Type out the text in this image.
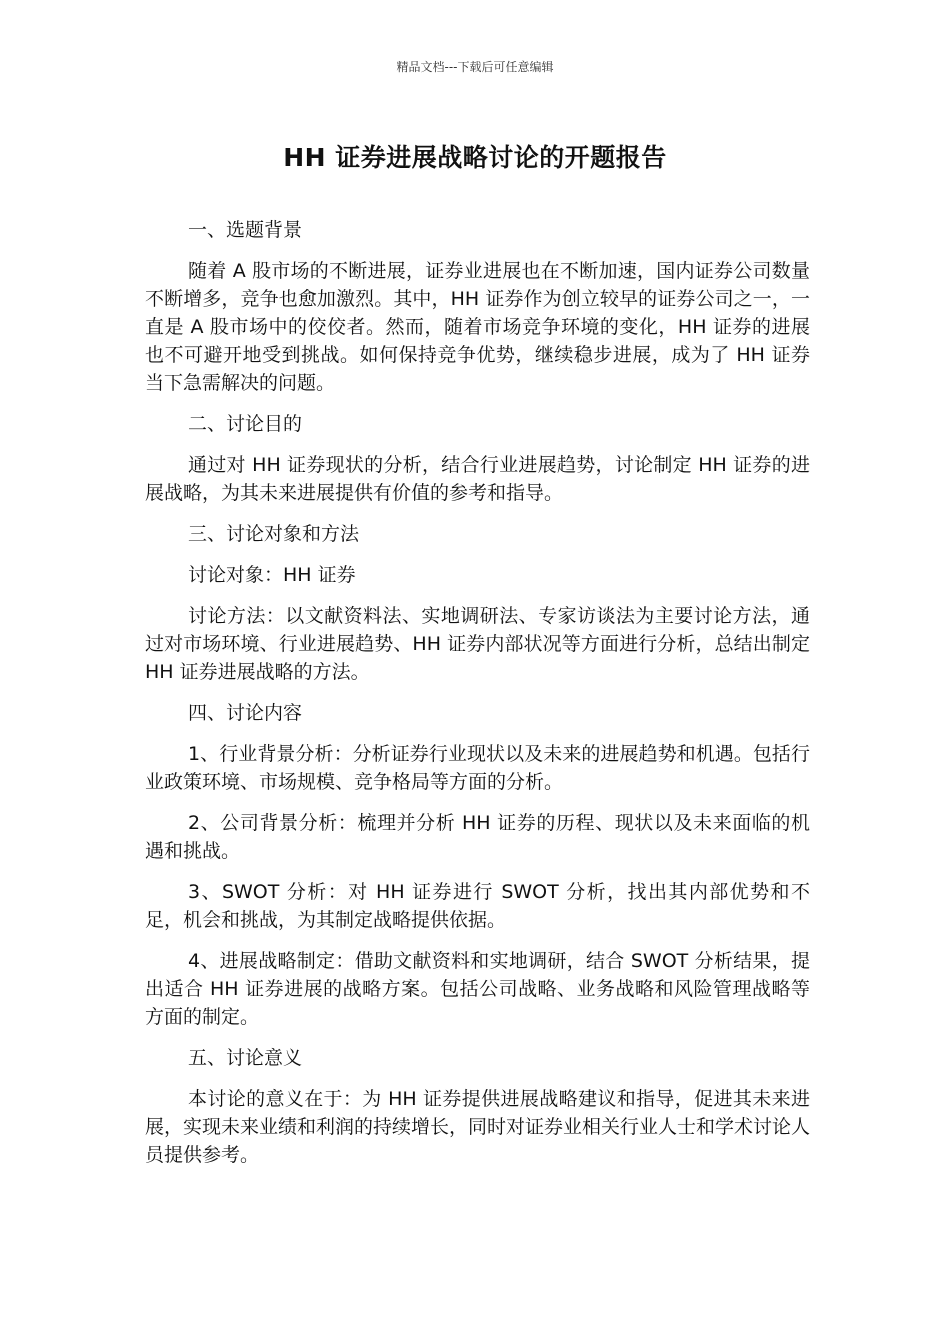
精品文档---下载后可任意编辑
HH 证券进展战略讨论的开题报告

一、选题背景

随着 A 股市场的不断进展，证券业进展也在不断加速，国内证券公司数量不断增多，竞争也愈加激烈。其中，HH 证券作为创立较早的证券公司之一，一直是 A 股市场中的佼佼者。然而，随着市场竞争环境的变化，HH 证券的进展也不可避开地受到挑战。如何保持竞争优势，继续稳步进展，成为了 HH 证券当下急需解决的问题。

二、讨论目的

通过对 HH 证券现状的分析，结合行业进展趋势，讨论制定 HH 证券的进展战略，为其未来进展提供有价值的参考和指导。

三、讨论对象和方法

讨论对象：HH 证券

讨论方法：以文献资料法、实地调研法、专家访谈法为主要讨论方法，通过对市场环境、行业进展趋势、HH 证券内部状况等方面进行分析，总结出制定 HH 证券进展战略的方法。

四、讨论内容

1、行业背景分析：分析证券行业现状以及未来的进展趋势和机遇。包括行业政策环境、市场规模、竞争格局等方面的分析。

2、公司背景分析：梳理并分析 HH 证券的历程、现状以及未来面临的机遇和挑战。

3、SWOT 分析：对 HH 证券进行 SWOT 分析，找出其内部优势和不足，机会和挑战，为其制定战略提供依据。

4、进展战略制定：借助文献资料和实地调研，结合 SWOT 分析结果，提出适合 HH 证券进展的战略方案。包括公司战略、业务战略和风险管理战略等方面的制定。

五、讨论意义

本讨论的意义在于：为 HH 证券提供进展战略建议和指导，促进其未来进展，实现未来业绩和利润的持续增长，同时对证券业相关行业人士和学术讨论人员提供参考。
